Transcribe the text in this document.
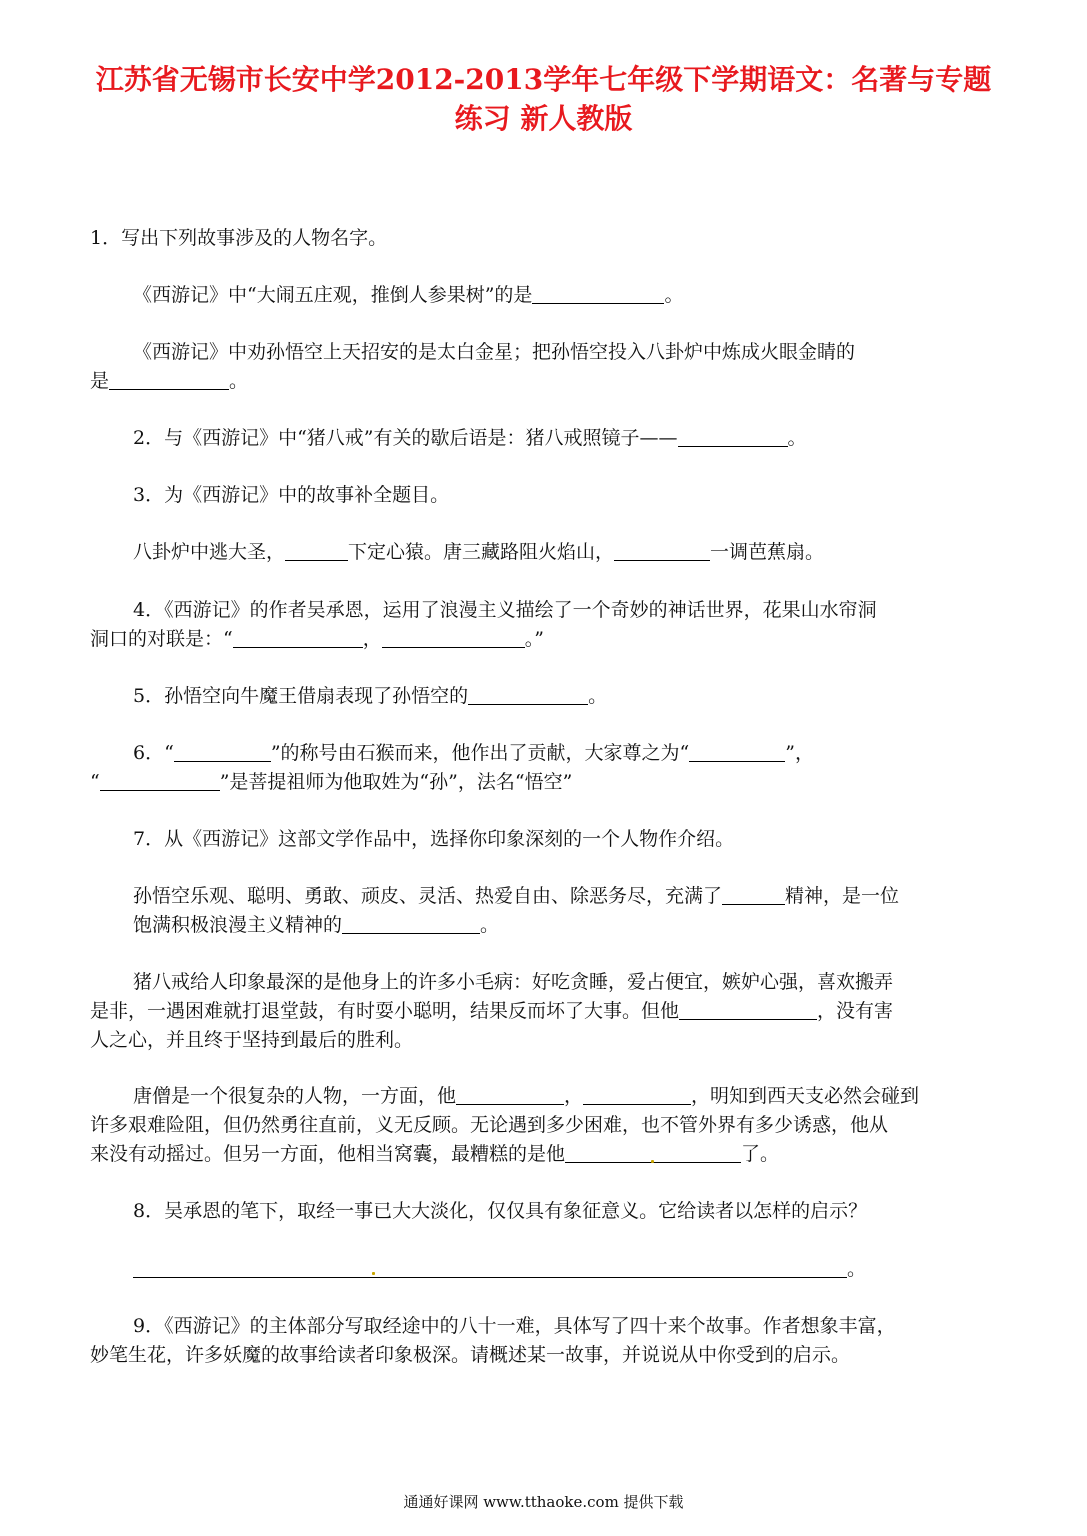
江苏省无锡市长安中学2012-2013学年七年级下学期语文：名著与专题
练习 新人教版
1．写出下列故事涉及的人物名字。
《西游记》中“大闹五庄观，推倒人参果树”的是	。
《西游记》中劝孙悟空上天招安的是太白金星；把孙悟空投入八卦炉中炼成火眼金睛的
是	。
2．与《西游记》中“猪八戒”有关的歇后语是：猪八戒照镜子——	。
3．为《西游记》中的故事补全题目。
八卦炉中逃大圣，	下定心猿。唐三藏路阻火焰山，	一调芭蕉扇。
4．《西游记》的作者吴承恩，运用了浪漫主义描绘了一个奇妙的神话世界，花果山水帘洞
洞口的对联是：“	，	。”
5．孙悟空向牛魔王借扇表现了孙悟空的	。
6．“	”的称号由石猴而来，他作出了贡献，大家尊之为“	”，
“	”是菩提祖师为他取姓为“孙”，法名“悟空”
7．从《西游记》这部文学作品中，选择你印象深刻的一个人物作介绍。
孙悟空乐观、聪明、勇敢、顽皮、灵活、热爱自由、除恶务尽，充满了	精神，是一位
饱满积极浪漫主义精神的	。
猪八戒给人印象最深的是他身上的许多小毛病：好吃贪睡，爱占便宜，嫉妒心强，喜欢搬弄
是非，一遇困难就打退堂鼓，有时耍小聪明，结果反而坏了大事。但他	，没有害
人之心，并且终于坚持到最后的胜利。
唐僧是一个很复杂的人物，一方面，他	，	，明知到西天支必然会碰到
许多艰难险阻，但仍然勇往直前，义无反顾。无论遇到多少困难，也不管外界有多少诱惑，他从
来没有动摇过。但另一方面，他相当窝囊，最糟糕的是他	了。
8．吴承恩的笔下，取经一事已大大淡化，仅仅具有象征意义。它给读者以怎样的启示？
。
9．《西游记》的主体部分写取经途中的八十一难，具体写了四十来个故事。作者想象丰富，
妙笔生花，许多妖魔的故事给读者印象极深。请概述某一故事，并说说从中你受到的启示。
通通好课网 www.tthaoke.com 提供下载
